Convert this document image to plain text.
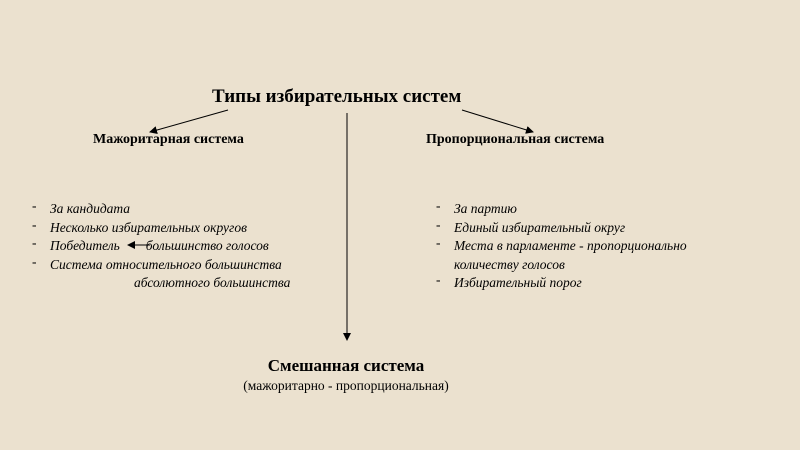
Типы избирательных систем
Мажоритарная система	Пропорциональная система
- За кандидата
- Несколько избирательных округов
- Победитель большинство голосов
- Система относительного большинства
абсолютного большинства
- За партию
- Единый избирательный округ
- Места в парламенте - пропорционально
количеству голосов
- Избирательный порог
Смешанная система
(мажоритарно - пропорциональная)
